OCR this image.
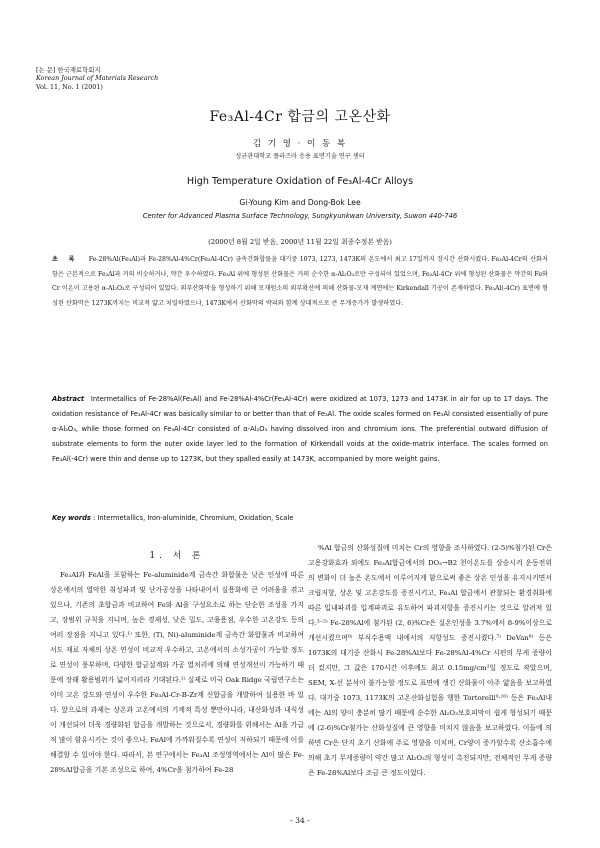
[논 문] 한국재료학회지
Korean Journal of Materials Research
Vol. 11, No. 1 (2001)
Fe₃Al-4Cr 합금의 고온산화
김 기 영 · 이 동 복
성균관대학교 플라즈마 응용 표면기술 연구 센터
High Temperature Oxidation of Fe₃Al-4Cr Alloys
Gi-Young Kim and Dong-Bok Lee
Center for Advanced Plasma Surface Technology, Sungkyunkwan University, Suwon 440-746
(2000년 8월 2일 받음, 2000년 11월 22일 최종수정본 받음)
초 록 Fe-28%Al(Fe₃Al)과 Fe-28%Al-4%Cr(Fe₃Al-4Cr) 금속간화합물을 대기중 1073, 1273, 1473K의 온도에서 최고 17일까지 장시간 산화시켰다. Fe₃Al-4Cr의 산화저항은 근본적으로 Fe₃Al과 거의 비슷하거나, 약간 우수하였다. Fe₃Al 위에 형성된 산화물은 거의 순수한 α-Al₂O₃로만 구성되어 있었으며, Fe₃Al-4Cr 위에 형성된 산화물은 약간의 Fe와 Cr 이온이 고용된 α-Al₂O₃로 구성되어 있었다. 외부산화막을 형성하기 위해 모재원소의 외부확산에 의해 산화물-모재 계면에는 Kirkendall 기공이 존재하였다. Fe₃Al(-4Cr) 표면에 형성된 산화막은 1273K까지는 비교적 얇고 치밀하였으나, 1473K에서 산화막의 박리와 함께 상대적으로 큰 무게증가가 발생하였다.
Abstract Intermetallics of Fe-28%Al(Fe₃Al) and Fe-28%Al-4%Cr(Fe₃Al-4Cr) were oxidized at 1073, 1273 and 1473K in air for up to 17 days. The oxidation resistance of Fe₃Al-4Cr was basically similar to or better than that of Fe₃Al. The oxide scales formed on Fe₃Al consisted essentially of pure α-Al₂O₃, while those formed on Fe₃Al-4Cr consisted of α-Al₂O₃ having dissolved iron and chromium ions. The preferential outward diffusion of substrate elements to form the outer oxide layer led to the formation of Kirkendall voids at the oxide-matrix interface. The scales formed on Fe₃Al(-4Cr) were thin and dense up to 1273K, but they spalled easily at 1473K, accompanied by more weight gains.
Key words : Intermetallics, Iron-aluminide, Chromium, Oxidation, Scale
1. 서 론

Fe₃Al과 FeAl을 포함하는 Fe-aluminide계 금속간 화합물은 낮은 인성에 따른 상온에서의 열악한 취성파괴 및 난가공성을 나타내어서 실용화에 큰 어려움을 겪고 있으나, 기존의 초합금과 비교하여 Fe와 Al을 구성요소로 하는 단순한 조성을 가지고, 장범위 규칙을 지니며, 높은 경제성, 낮은 밀도, 고융용점, 우수한 고온강도 등의 여러 장점을 지니고 있다.¹⁾ 또한, (Ti, Ni)-aluminide계 금속간 화합물과 비교하여서도 재료 자체의 상온 연성이 비교적 우수하고, 고온에서의 소성가공이 가능할 정도로 연성이 풍부하며, 다양한 합금설계와 가공 열처리에 의해 연성개선이 가능하기 때문에 장래 활용범위가 넓어지리라 기대된다.²⁾ 실제로 미국 Oak Ridge 국립연구소는 이미 고온 강도와 연성이 우수한 Fe₃Al-Cr-B-Zr계 신합금을 개발하여 실용한 바 있다. 앞으로의 과제는 상온과 고온에서의 기계적 특성 뿐만아니라, 내산화성과 내식성이 개선되어 더욱 경량화된 합금을 개발하는 것으로서, 경량화를 위해서는 Al을 가급적 많이 함유시키는 것이 좋으나, FeAl에 가까워질수록 연성이 저하되기 때문에 이를 해결할 수 있어야 한다. 따라서, 본 연구에서는 Fe₃Al 조성영역에서는 Al이 많은 Fe-28%Al합금을 기본 조성으로 하여, 4%Cr을 첨가하여 Fe-28

%Al 합금의 산화성질에 미치는 Cr의 영향을 조사하였다. (2-5)%첨가된 Cr은 고용강화효과 외에도 Fe₃Al합금에서의 DO₃→B2 천이온도를 상승시켜 운동전위의 변화이 더 높은 온도에서 이루어지게 함으로써 좋은 상온 인성을 유지시키면서 크립저항, 상온 및 고온강도를 증진시키고, Fe₃Al 합금에서 관찰되는 환경취화에 따른 입내파괴를 입계파괴로 유도하여 파괴저항을 증진시키는 것으로 알려져 있다.³⁻⁵⁾ Fe-28%Al에 첨가된 (2, 6)%Cr은 실온인성을 3.7%에서 8-9%이상으로 개선시켰으며⁶⁾ 부식수용액 내에서의 저항성도 증진시켰다.⁷⁾ DeVan⁸⁾ 등은 1073K의 대기중 산화시 Fe-28%Al보다 Fe-28%Al-4%Cr 시편의 무게 증량이 더 컸지만, 그 값은 170시간 이후에도 최고 0.15mg/cm²일 정도로 작았으며, SEM, X-선 분석이 불가능할 정도로 표면에 생긴 산화물이 아주 얇음을 보고하였다. 대기중 1073, 1173K의 고온산화실험을 행한 Tortorelli⁹·¹⁰⁾ 등은 Fe₃Al내에는 Al의 양이 충분히 많기 때문에 순수한 Al₂O₃보호피막이 쉽게 형성되기 때문에 (2-6)%Cr첨가는 산화성질에 큰 영향을 미치지 않음을 보고하였다. 이들에 의하면 Cr은 단지 초기 산화에 주로 영향을 미치며, Cr양이 증가할수록 산소흡수에 의해 초기 무게증량이 약간 많고 Al₂O₃의 형성이 촉진되지만, 전체적인 무게 증량은 Fe-28%Al보다 조금 큰 정도이었다.

- 34 -
